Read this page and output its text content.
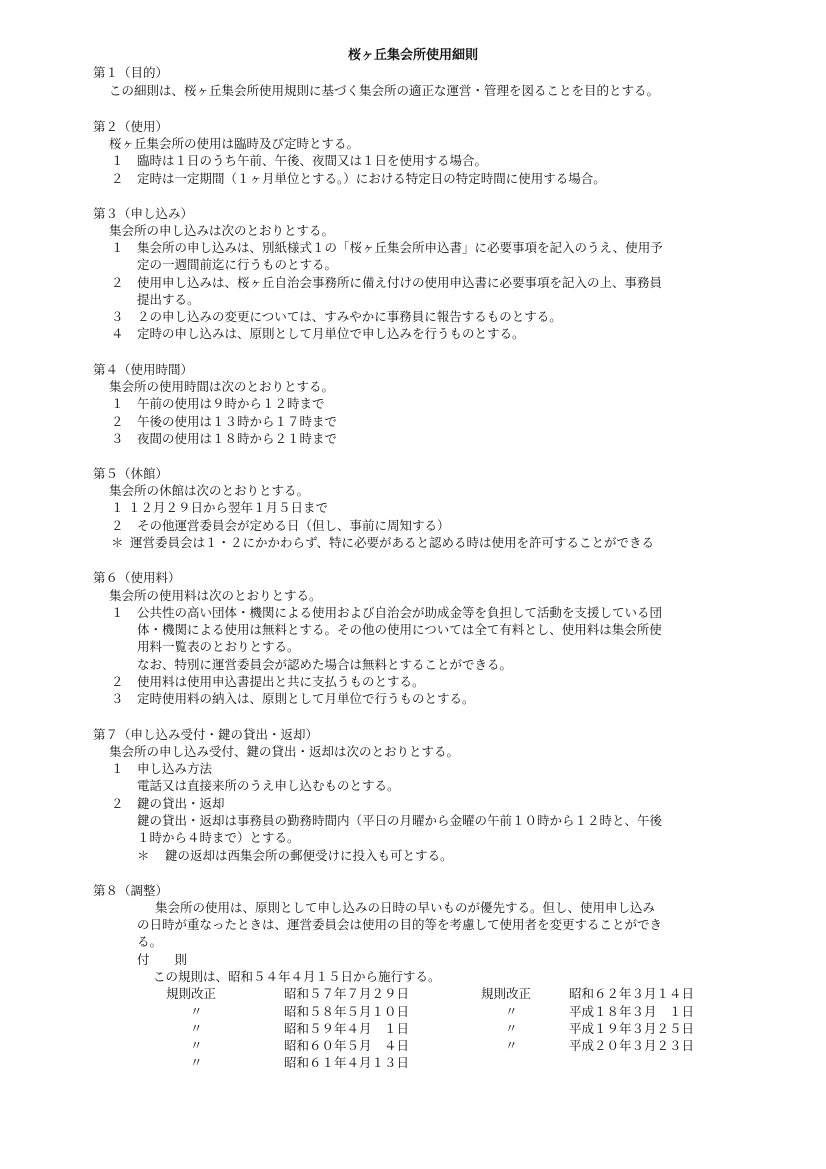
桜ヶ丘集会所使用細則
第１（目的）
この細則は、桜ヶ丘集会所使用規則に基づく集会所の適正な運営・管理を図ることを目的とする。
第２（使用）
桜ヶ丘集会所の使用は臨時及び定時とする。
１ 臨時は１日のうち午前、午後、夜間又は１日を使用する場合。
２ 定時は一定期間（１ヶ月単位とする。）における特定日の特定時間に使用する場合。
第３（申し込み）
集会所の申し込みは次のとおりとする。
１ 集会所の申し込みは、別紙様式１の「桜ヶ丘集会所申込書」に必要事項を記入のうえ、使用予
定の一週間前迄に行うものとする。
２ 使用申し込みは、桜ヶ丘自治会事務所に備え付けの使用申込書に必要事項を記入の上、事務員
提出する。
３ ２の申し込みの変更については、すみやかに事務員に報告するものとする。
４ 定時の申し込みは、原則として月単位で申し込みを行うものとする。
第４（使用時間）
集会所の使用時間は次のとおりとする。
１ 午前の使用は９時から１２時まで
２ 午後の使用は１３時から１７時まで
３ 夜間の使用は１８時から２１時まで
第５（休館）
集会所の休館は次のとおりとする。
１ １２月２９日から翌年１月５日まで
２ その他運営委員会が定める日（但し、事前に周知する）
＊ 運営委員会は１・２にかかわらず、特に必要があると認める時は使用を許可することができる
第６（使用料）
集会所の使用料は次のとおりとする。
１ 公共性の高い団体・機関による使用および自治会が助成金等を負担して活動を支援している団
体・機関による使用は無料とする。その他の使用については全て有料とし、使用料は集会所使
用料一覧表のとおりとする。
なお、特別に運営委員会が認めた場合は無料とすることができる。
２ 使用料は使用申込書提出と共に支払うものとする。
３ 定時使用料の納入は、原則として月単位で行うものとする。
第７（申し込み受付・鍵の貸出・返却）
集会所の申し込み受付、鍵の貸出・返却は次のとおりとする。
１ 申し込み方法
電話又は直接来所のうえ申し込むものとする。
２ 鍵の貸出・返却
鍵の貸出・返却は事務員の勤務時間内（平日の月曜から金曜の午前１０時から１２時と、午後
１時から４時まで）とする。
＊ 鍵の返却は西集会所の郵便受けに投入も可とする。
第８（調整）
集会所の使用は、原則として申し込みの日時の早いものが優先する。但し、使用申し込み
の日時が重なったときは、運営委員会は使用の目的等を考慮して使用者を変更することができ
る。
付　　則
この規則は、昭和５４年４月１５日から施行する。
規則改正	昭和５７年７月２９日	規則改正	昭和６２年３月１４日
〃	昭和５８年５月１０日	〃	平成１８年３月　１日
〃	昭和５９年４月　１日	〃	平成１９年３月２５日
〃	昭和６０年５月　４日	〃	平成２０年３月２３日
〃	昭和６１年４月１３日
